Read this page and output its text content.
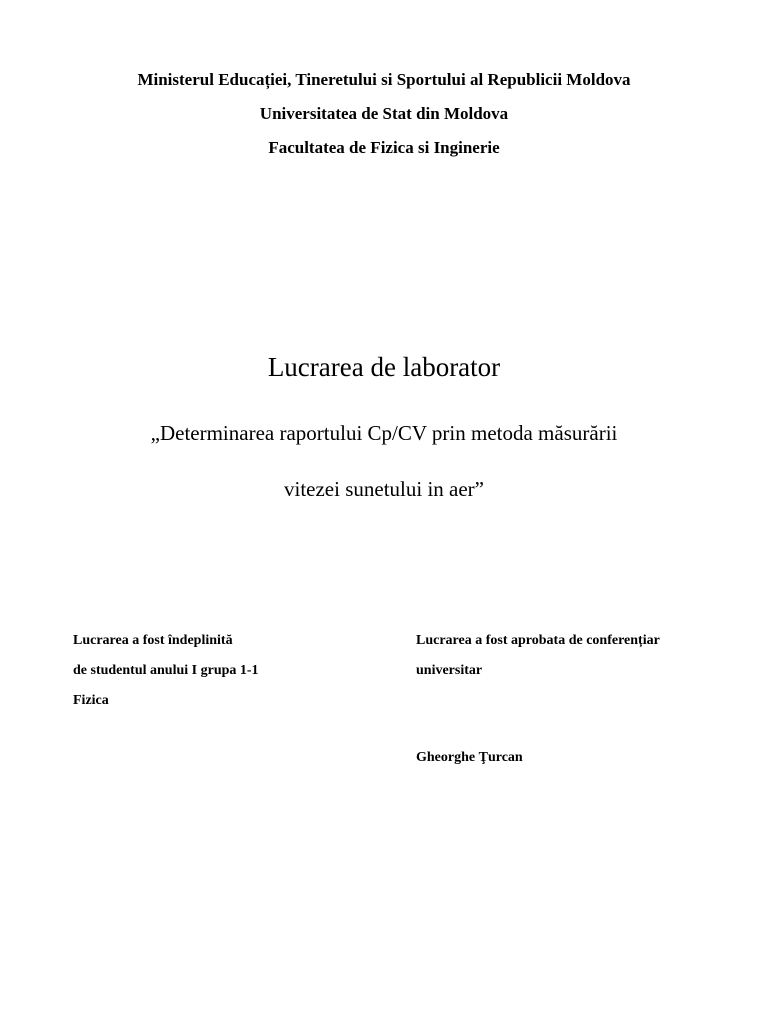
Ministerul Educației, Tineretului si Sportului al Republicii Moldova
Universitatea de Stat din Moldova
Facultatea de Fizica si Inginerie
Lucrarea de laborator
„Determinarea raportului Cp/CV prin metoda măsurării
vitezei sunetului in aer”
Lucrarea a fost îndeplinită
de studentul anului I grupa 1-1
Fizica
Lucrarea a fost aprobata de conferențiar
universitar
Gheorghe Ţurcan
